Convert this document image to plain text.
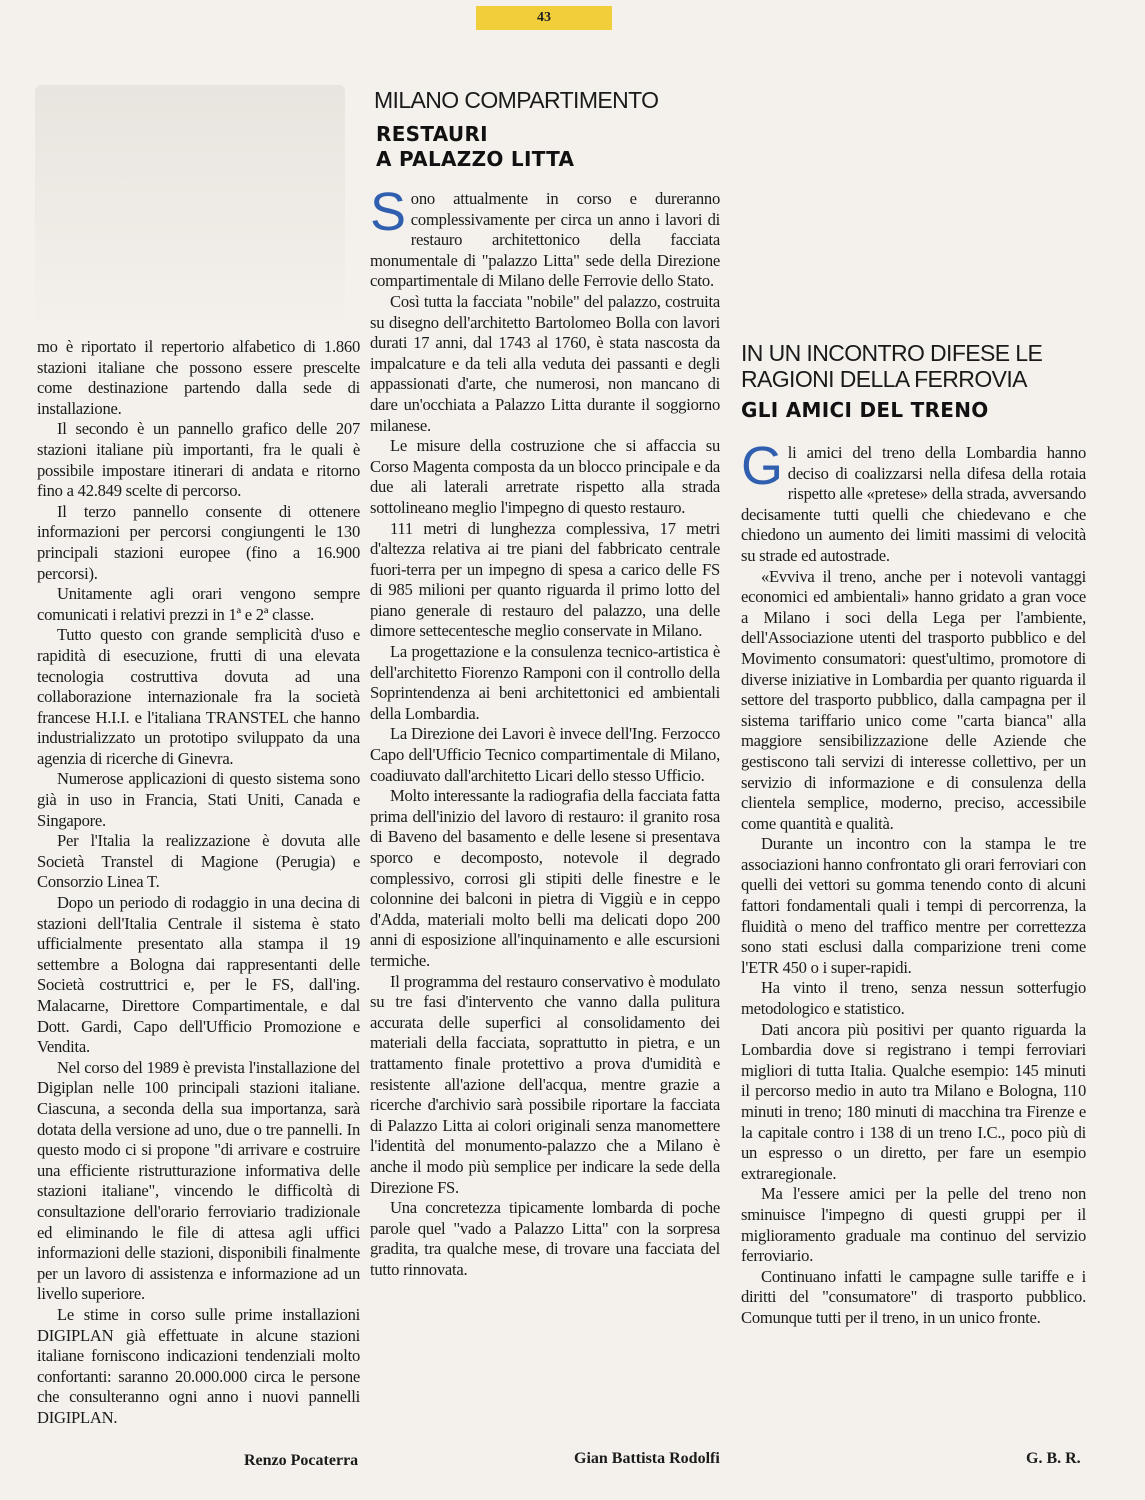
43

mo è riportato il repertorio alfabetico di 1.860 stazioni italiane che possono essere prescelte come destinazione partendo dalla sede di installazione.

Il secondo è un pannello grafico delle 207 stazioni italiane più importanti, fra le quali è possibile impostare itinerari di andata e ritorno fino a 42.849 scelte di percorso.

Il terzo pannello consente di ottenere informazioni per percorsi congiungenti le 130 principali stazioni europee (fino a 16.900 percorsi).

Unitamente agli orari vengono sempre comunicati i relativi prezzi in 1ª e 2ª classe.

Tutto questo con grande semplicità d'uso e rapidità di esecuzione, frutti di una elevata tecnologia costruttiva dovuta ad una collaborazione internazionale fra la società francese H.I.I. e l'italiana TRANSTEL che hanno industrializzato un prototipo sviluppato da una agenzia di ricerche di Ginevra.

Numerose applicazioni di questo sistema sono già in uso in Francia, Stati Uniti, Canada e Singapore.

Per l'Italia la realizzazione è dovuta alle Società Transtel di Magione (Perugia) e Consorzio Linea T.

Dopo un periodo di rodaggio in una decina di stazioni dell'Italia Centrale il sistema è stato ufficialmente presentato alla stampa il 19 settembre a Bologna dai rappresentanti delle Società costruttrici e, per le FS, dall'ing. Malacarne, Direttore Compartimentale, e dal Dott. Gardi, Capo dell'Ufficio Promozione e Vendita.

Nel corso del 1989 è prevista l'installazione del Digiplan nelle 100 principali stazioni italiane. Ciascuna, a seconda della sua importanza, sarà dotata della versione ad uno, due o tre pannelli. In questo modo ci si propone "di arrivare e costruire una efficiente ristrutturazione informativa delle stazioni italiane", vincendo le difficoltà di consultazione dell'orario ferroviario tradizionale ed eliminando le file di attesa agli uffici informazioni delle stazioni, disponibili finalmente per un lavoro di assistenza e informazione ad un livello superiore.

Le stime in corso sulle prime installazioni DIGIPLAN già effettuate in alcune stazioni italiane forniscono indicazioni tendenziali molto confortanti: saranno 20.000.000 circa le persone che consulteranno ogni anno i nuovi pannelli DIGIPLAN.

Renzo Pocaterra
MILANO COMPARTIMENTO
RESTAURI
A PALAZZO LITTA

Sono attualmente in corso e dureranno complessivamente per circa un anno i lavori di restauro architettonico della facciata monumentale di "palazzo Litta" sede della Direzione compartimentale di Milano delle Ferrovie dello Stato.

Così tutta la facciata "nobile" del palazzo, costruita su disegno dell'architetto Bartolomeo Bolla con lavori durati 17 anni, dal 1743 al 1760, è stata nascosta da impalcature e da teli alla veduta dei passanti e degli appassionati d'arte, che numerosi, non mancano di dare un'occhiata a Palazzo Litta durante il soggiorno milanese.

Le misure della costruzione che si affaccia su Corso Magenta composta da un blocco principale e da due ali laterali arretrate rispetto alla strada sottolineano meglio l'impegno di questo restauro.

111 metri di lunghezza complessiva, 17 metri d'altezza relativa ai tre piani del fabbricato centrale fuori-terra per un impegno di spesa a carico delle FS di 985 milioni per quanto riguarda il primo lotto del piano generale di restauro del palazzo, una delle dimore settecentesche meglio conservate in Milano.

La progettazione e la consulenza tecnico-artistica è dell'architetto Fiorenzo Ramponi con il controllo della Soprintendenza ai beni architettonici ed ambientali della Lombardia.

La Direzione dei Lavori è invece dell'Ing. Ferzocco Capo dell'Ufficio Tecnico compartimentale di Milano, coadiuvato dall'architetto Licari dello stesso Ufficio.

Molto interessante la radiografia della facciata fatta prima dell'inizio del lavoro di restauro: il granito rosa di Baveno del basamento e delle lesene si presentava sporco e decomposto, notevole il degrado complessivo, corrosi gli stipiti delle finestre e le colonnine dei balconi in pietra di Viggiù e in ceppo d'Adda, materiali molto belli ma delicati dopo 200 anni di esposizione all'inquinamento e alle escursioni termiche.

Il programma del restauro conservativo è modulato su tre fasi d'intervento che vanno dalla pulitura accurata delle superfici al consolidamento dei materiali della facciata, soprattutto in pietra, e un trattamento finale protettivo a prova d'umidità e resistente all'azione dell'acqua, mentre grazie a ricerche d'archivio sarà possibile riportare la facciata di Palazzo Litta ai colori originali senza manomettere l'identità del monumento-palazzo che a Milano è anche il modo più semplice per indicare la sede della Direzione FS.

Una concretezza tipicamente lombarda di poche parole quel "vado a Palazzo Litta" con la sorpresa gradita, tra qualche mese, di trovare una facciata del tutto rinnovata.

Gian Battista Rodolfi
IN UN INCONTRO DIFESE LE
RAGIONI DELLA FERROVIA
GLI AMICI DEL TRENO

Gli amici del treno della Lombardia hanno deciso di coalizzarsi nella difesa della rotaia rispetto alle «pretese» della strada, avversando decisamente tutti quelli che chiedevano e che chiedono un aumento dei limiti massimi di velocità su strade ed autostrade.

«Evviva il treno, anche per i notevoli vantaggi economici ed ambientali» hanno gridato a gran voce a Milano i soci della Lega per l'ambiente, dell'Associazione utenti del trasporto pubblico e del Movimento consumatori: quest'ultimo, promotore di diverse iniziative in Lombardia per quanto riguarda il settore del trasporto pubblico, dalla campagna per il sistema tariffario unico come "carta bianca" alla maggiore sensibilizzazione delle Aziende che gestiscono tali servizi di interesse collettivo, per un servizio di informazione e di consulenza della clientela semplice, moderno, preciso, accessibile come quantità e qualità.

Durante un incontro con la stampa le tre associazioni hanno confrontato gli orari ferroviari con quelli dei vettori su gomma tenendo conto di alcuni fattori fondamentali quali i tempi di percorrenza, la fluidità o meno del traffico mentre per correttezza sono stati esclusi dalla comparizione treni come l'ETR 450 o i super-rapidi.

Ha vinto il treno, senza nessun sotterfugio metodologico e statistico.

Dati ancora più positivi per quanto riguarda la Lombardia dove si registrano i tempi ferroviari migliori di tutta Italia. Qualche esempio: 145 minuti il percorso medio in auto tra Milano e Bologna, 110 minuti in treno; 180 minuti di macchina tra Firenze e la capitale contro i 138 di un treno I.C., poco più di un espresso o un diretto, per fare un esempio extraregionale.

Ma l'essere amici per la pelle del treno non sminuisce l'impegno di questi gruppi per il miglioramento graduale ma continuo del servizio ferroviario.

Continuano infatti le campagne sulle tariffe e i diritti del "consumatore" di trasporto pubblico. Comunque tutti per il treno, in un unico fronte.

G. B. R.
